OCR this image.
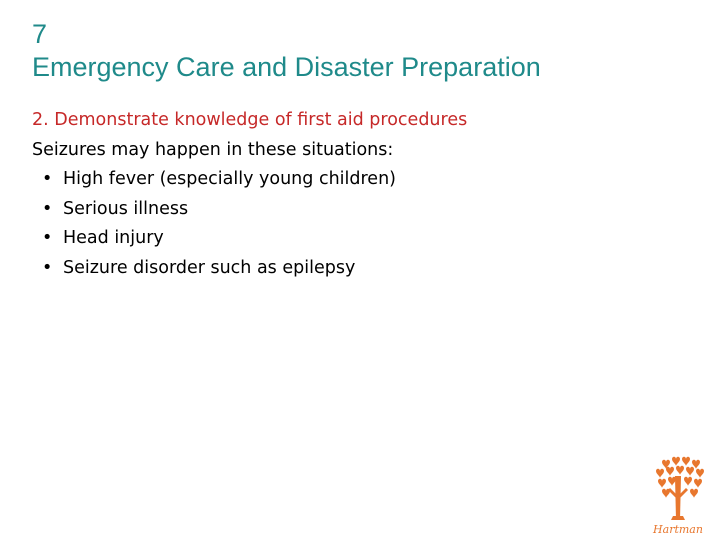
7
Emergency Care and Disaster Preparation
2. Demonstrate knowledge of first aid procedures
Seizures may happen in these situations:
• High fever (especially young children)
• Serious illness
• Head injury
• Seizure disorder such as epilepsy
Hartman
